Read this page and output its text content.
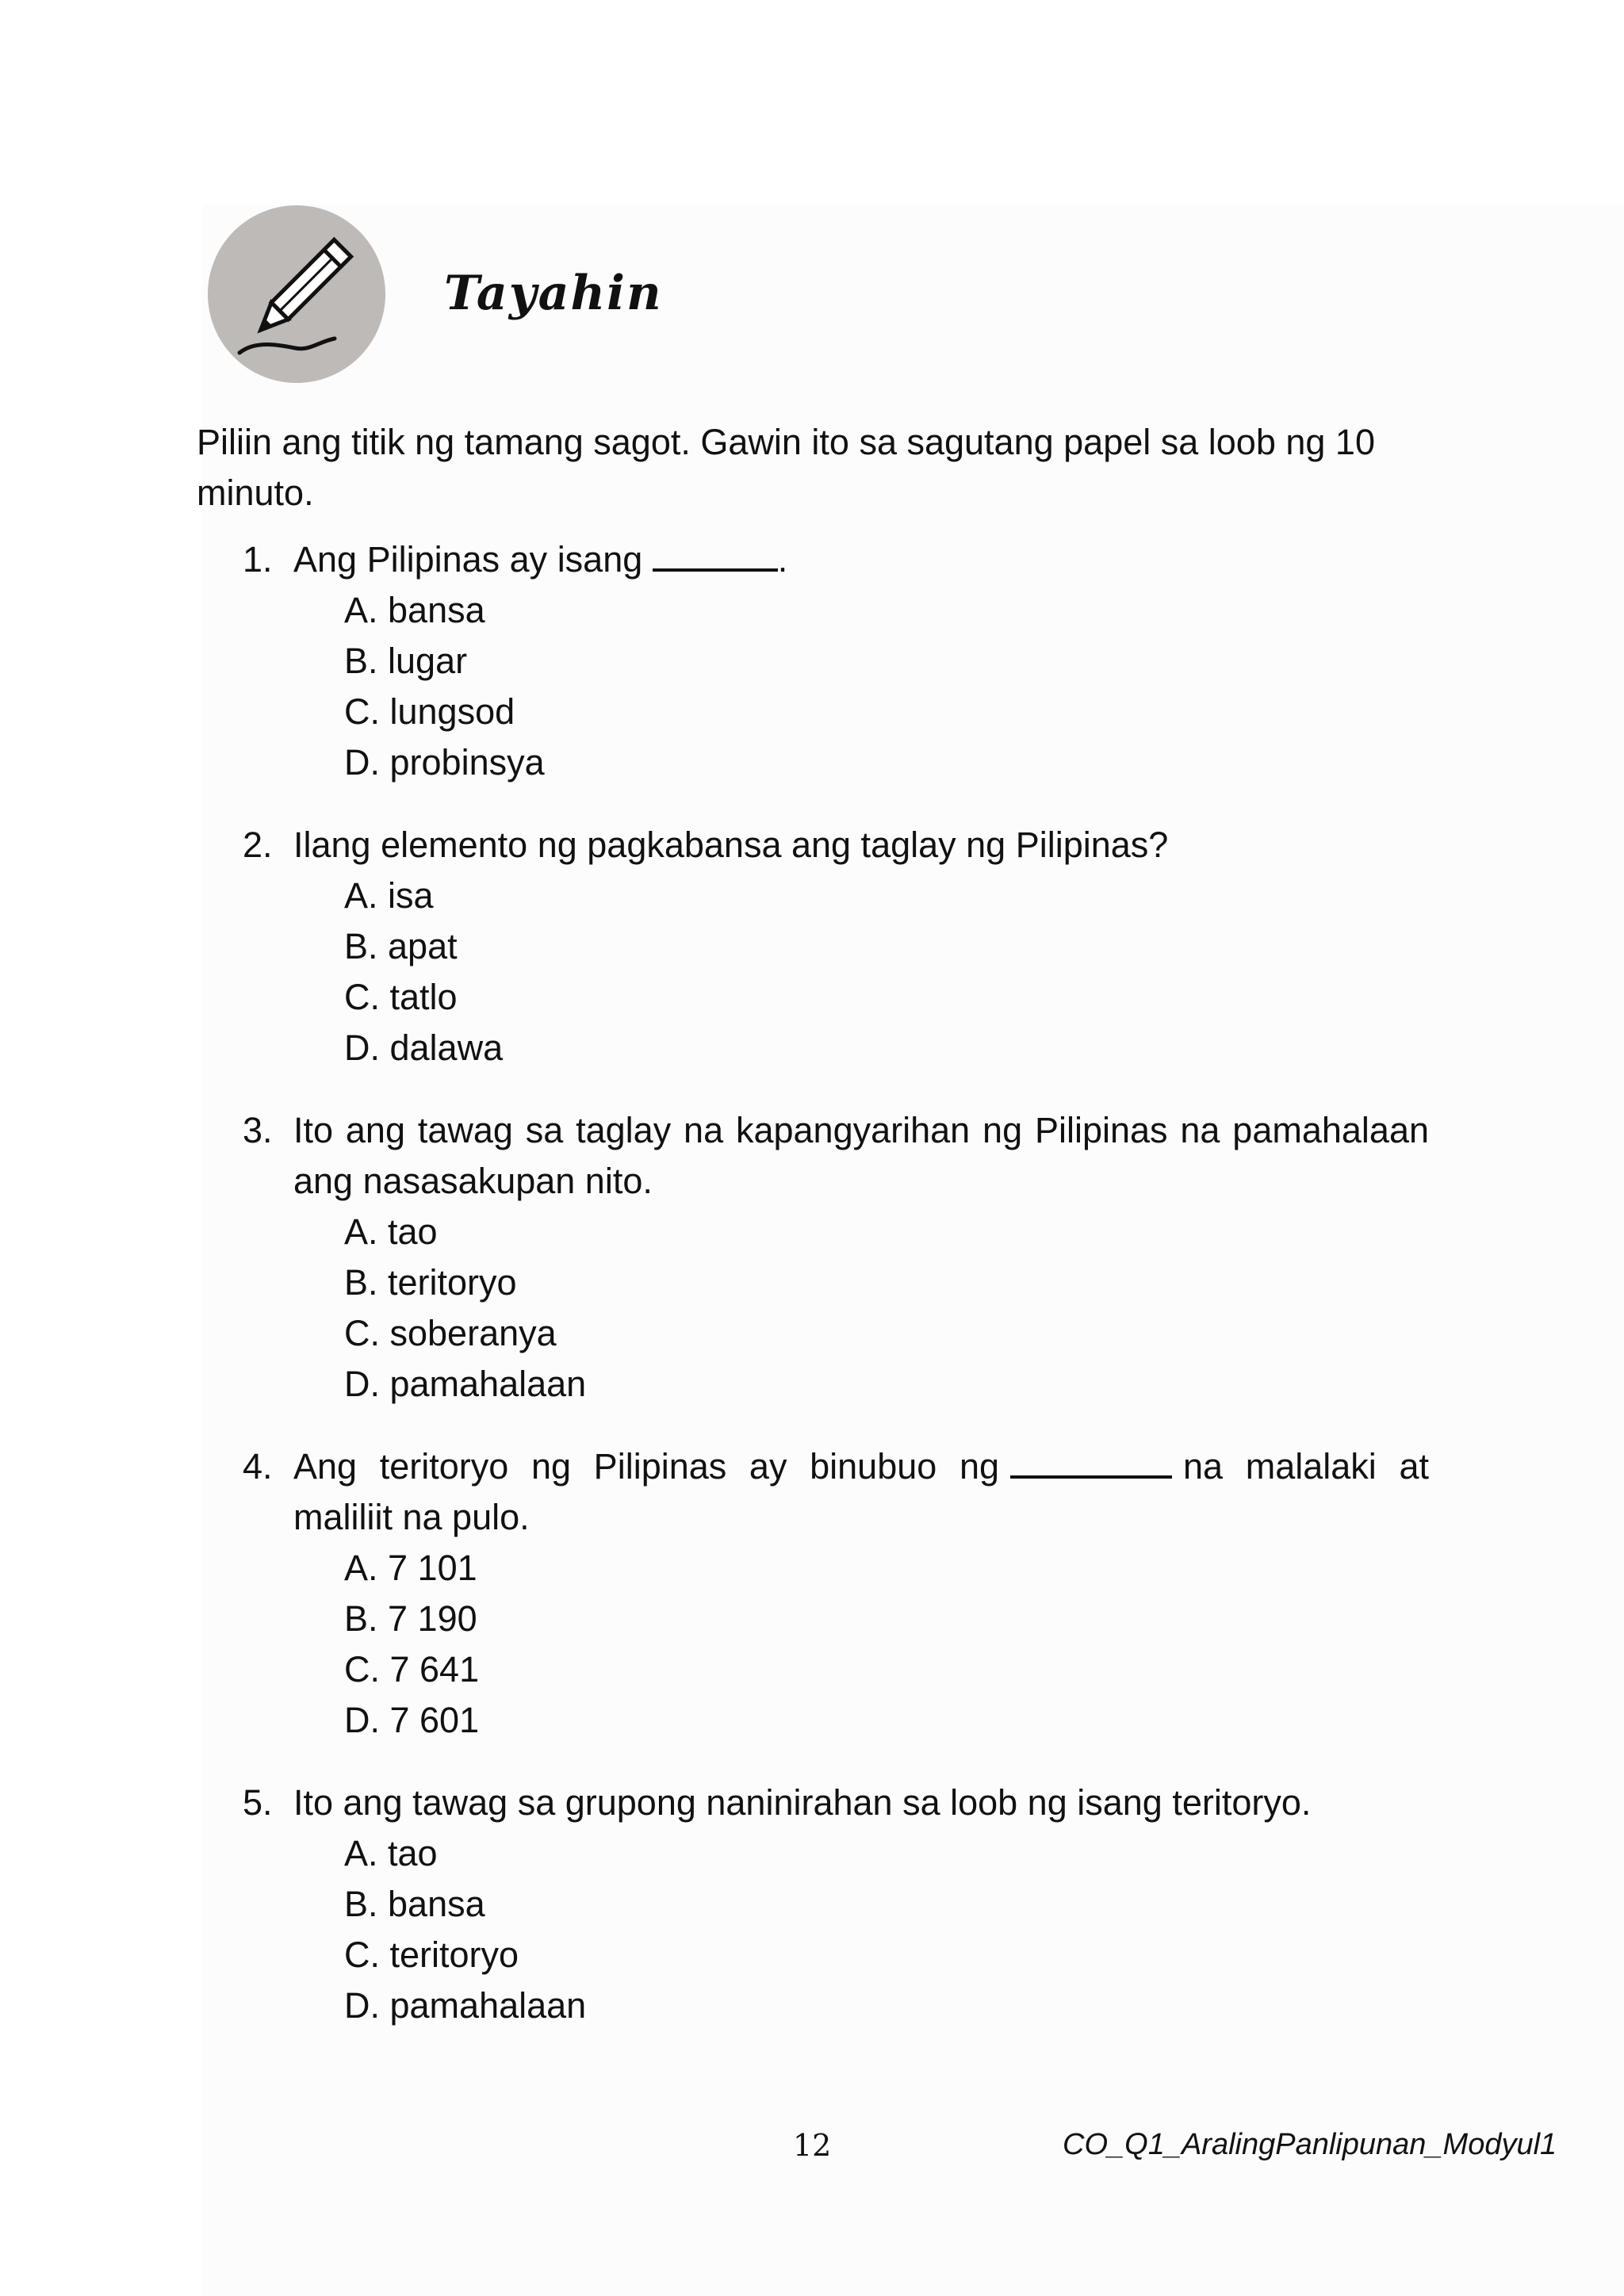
Tayahin
Piliin ang titik ng tamang sagot. Gawin ito sa sagutang papel sa loob ng 10 minuto.
1. Ang Pilipinas ay isang	.
A. bansa
B. lugar
C. lungsod
D. probinsya
2. Ilang elemento ng pagkabansa ang taglay ng Pilipinas?
A. isa
B. apat
C. tatlo
D. dalawa
3. Ito ang tawag sa taglay na kapangyarihan ng Pilipinas na pamahalaan ang nasasakupan nito.
A. tao
B. teritoryo
C. soberanya
D. pamahalaan
4. Ang teritoryo ng Pilipinas ay binubuo ng	na malalaki at maliliit na pulo.
A. 7 101
B. 7 190
C. 7 641
D. 7 601
5. Ito ang tawag sa grupong naninirahan sa loob ng isang teritoryo.
A. tao
B. bansa
C. teritoryo
D. pamahalaan
12	CO_Q1_AralingPanlipunan_Modyul1
